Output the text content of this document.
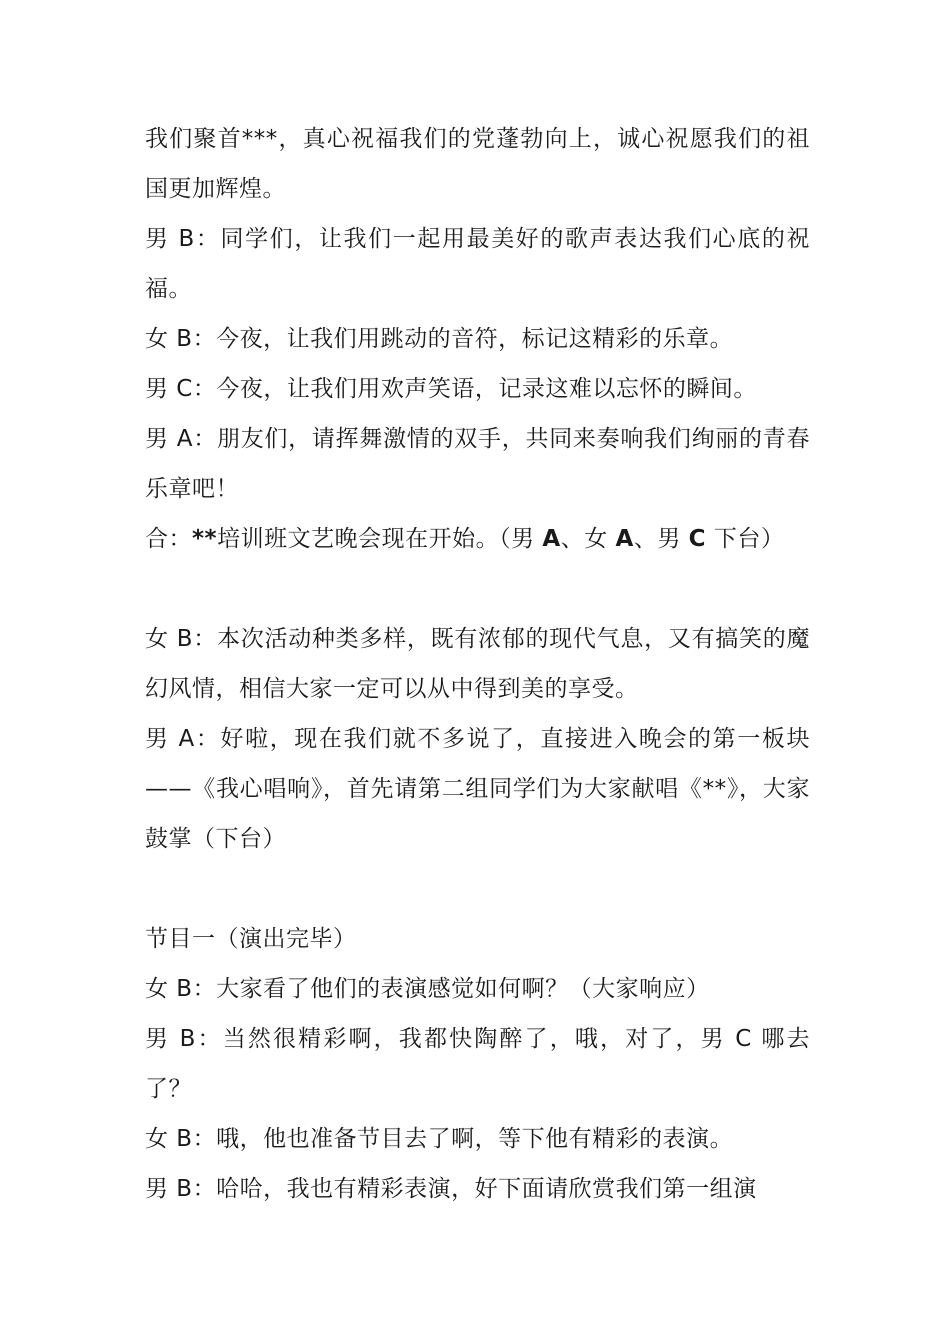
我们聚首***，真心祝福我们的党蓬勃向上，诚心祝愿我们的祖国更加辉煌。

男 B：同学们，让我们一起用最美好的歌声表达我们心底的祝福。

女 B：今夜，让我们用跳动的音符，标记这精彩的乐章。

男 C：今夜，让我们用欢声笑语，记录这难以忘怀的瞬间。

男 A：朋友们，请挥舞激情的双手，共同来奏响我们绚丽的青春乐章吧！

合：**培训班文艺晚会现在开始。（男 A、女 A、男 C 下台）

女 B：本次活动种类多样，既有浓郁的现代气息，又有搞笑的魔幻风情，相信大家一定可以从中得到美的享受。

男 A：好啦，现在我们就不多说了，直接进入晚会的第一板块——《我心唱响》，首先请第二组同学们为大家献唱《**》，大家鼓掌（下台）

节目一（演出完毕）

女 B：大家看了他们的表演感觉如何啊？（大家响应）

男 B：当然很精彩啊，我都快陶醉了，哦，对了，男 C 哪去了？

女 B：哦，他也准备节目去了啊，等下他有精彩的表演。

男 B：哈哈，我也有精彩表演，好下面请欣赏我们第一组演
